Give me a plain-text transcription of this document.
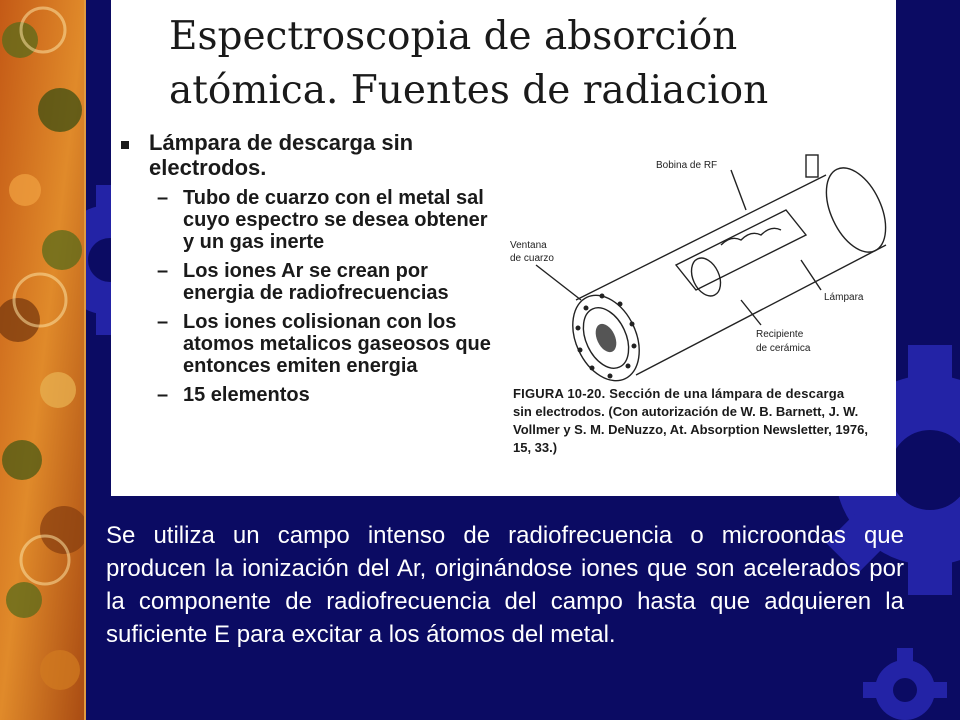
Espectroscopia de absorción atómica. Fuentes de radiacion
Lámpara de descarga sin electrodos.
– Tubo de cuarzo con el metal sal cuyo espectro se desea obtener y un gas inerte
– Los iones Ar se crean por energia de radiofrecuencias
– Los iones colisionan con los atomos metalicos gaseosos que entonces emiten energia
– 15 elementos
Bobina de RF
Ventana
de cuarzo
Lámpara
Recipiente
de cerámica
FIGURA 10-20. Sección de una lámpara de descarga
sin electrodos. (Con autorización de W. B. Barnett, J. W. Vollmer y S. M. DeNuzzo, At. Absorption Newsletter, 1976, 15, 33.)

Se utiliza un campo intenso de radiofrecuencia o microondas que producen la ionización del Ar, originándose iones que son acelerados por la componente de radiofrecuencia del campo hasta que adquieren la suficiente E para excitar a los átomos del metal.
